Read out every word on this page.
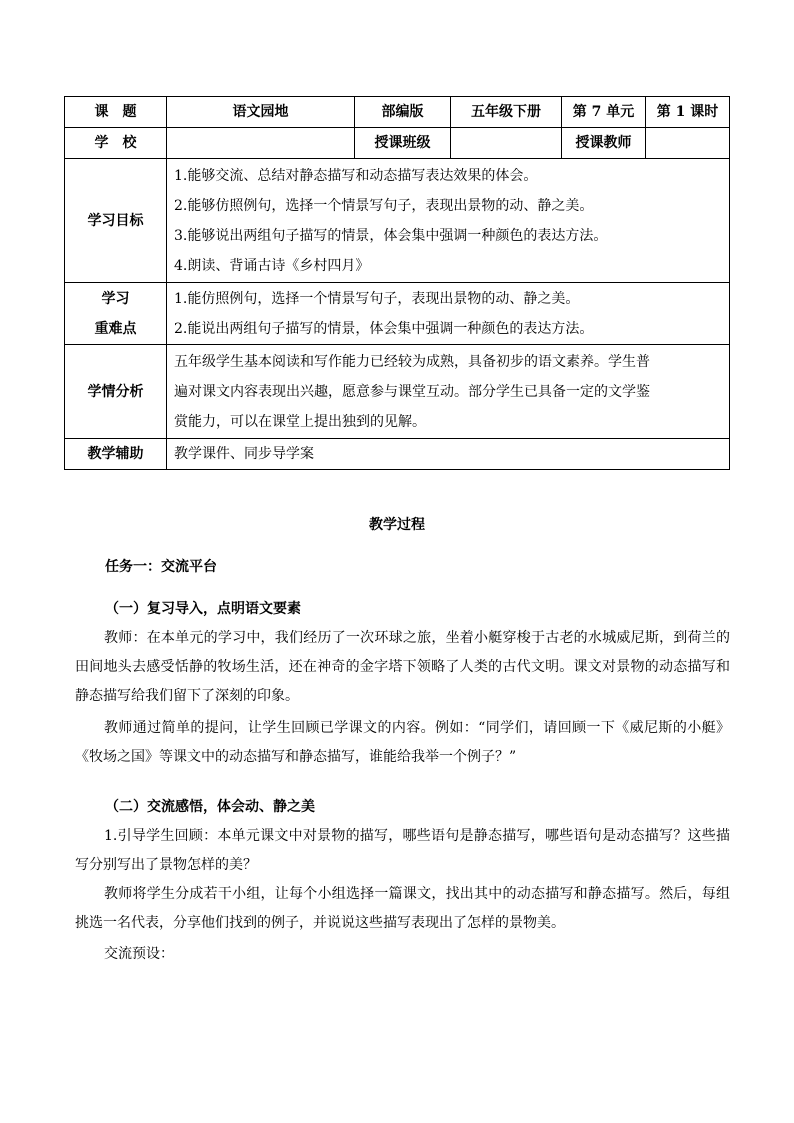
课　题	语文园地	部编版	五年级下册	第 7 单元	第 1 课时
学　校		授课班级		授课教师	
学习目标	1.能够交流、总结对静态描写和动态描写表达效果的体会。
2.能够仿照例句，选择一个情景写句子，表现出景物的动、静之美。
3.能够说出两组句子描写的情景，体会集中强调一种颜色的表达方法。
4.朗读、背诵古诗《乡村四月》				

学习
重难点	1.能仿照例句，选择一个情景写句子，表现出景物的动、静之美。
2.能说出两组句子描写的情景，体会集中强调一种颜色的表达方法。				

学情分析	五年级学生基本阅读和写作能力已经较为成熟，具备初步的语文素养。学生普
遍对课文内容表现出兴趣，愿意参与课堂互动。部分学生已具备一定的文学鉴
赏能力，可以在课堂上提出独到的见解。				

教学辅助	教学课件、同步导学案				
教学过程
任务一：交流平台
（一）复习导入，点明语文要素

教师：在本单元的学习中，我们经历了一次环球之旅，坐着小艇穿梭于古老的水城威尼斯，到荷兰的田间地头去感受恬静的牧场生活，还在神奇的金字塔下领略了人类的古代文明。课文对景物的动态描写和静态描写给我们留下了深刻的印象。

教师通过简单的提问，让学生回顾已学课文的内容。例如：“同学们，请回顾一下《威尼斯的小艇》《牧场之国》等课文中的动态描写和静态描写，谁能给我举一个例子？”

（二）交流感悟，体会动、静之美

1.引导学生回顾：本单元课文中对景物的描写，哪些语句是静态描写，哪些语句是动态描写？这些描写分别写出了景物怎样的美？

教师将学生分成若干小组，让每个小组选择一篇课文，找出其中的动态描写和静态描写。然后，每组挑选一名代表，分享他们找到的例子，并说说这些描写表现出了怎样的景物美。

交流预设：
